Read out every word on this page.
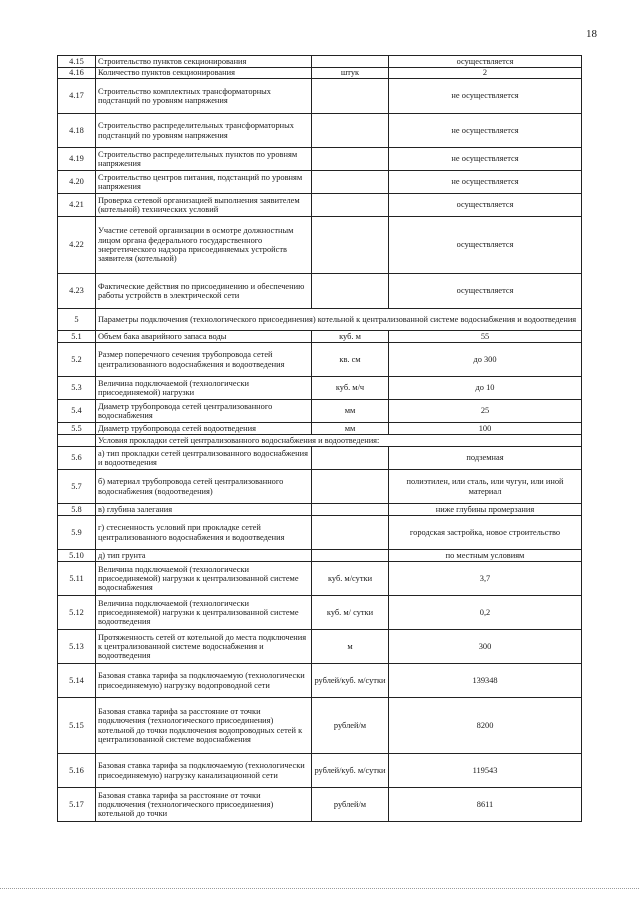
18
4.15	Строительство пунктов секционирования		осуществляется
4.16	Количество пунктов секционирования	штук	2
4.17	Строительство комплектных трансформаторных подстанций по уровням напряжения		не осуществляется
4.18	Строительство распределительных трансформаторных подстанций по уровням напряжения		не осуществляется
4.19	Строительство распределительных пунктов по уровням напряжения		не осуществляется
4.20	Строительство центров питания, подстанций по уровням напряжения		не осуществляется
4.21	Проверка сетевой организацией выполнения заявителем (котельной) технических условий		осуществляется
4.22	Участие сетевой организации в осмотре должностным лицом органа федерального государственного энергетического надзора присоединяемых устройств заявителя (котельной)		осуществляется
4.23	Фактические действия по присоединению и обеспечению работы устройств в электрической сети		осуществляется
5	Параметры подключения (технологического присоединения) котельной к централизованной системе водоснабжения и водоотведения		
5.1	Объем бака аварийного запаса воды	куб. м	55
5.2	Размер поперечного сечения трубопровода сетей централизованного водоснабжения и водоотведения	кв. см	до 300
5.3	Величина подключаемой (технологически присоединяемой) нагрузки	куб. м/ч	до 10
5.4	Диаметр трубопровода сетей централизованного водоснабжения	мм	25
5.5	Диаметр трубопровода сетей водоотведения	мм	100
	Условия прокладки сетей централизованного водоснабжения и водоотведения:		
5.6	а) тип прокладки сетей централизованного водоснабжения и водоотведения		подземная
5.7	б) материал трубопровода сетей централизованного водоснабжения (водоотведения)		полиэтилен, или сталь, или чугун, или иной материал
5.8	в) глубина залегания		ниже глубины промерзания
5.9	г) стесненность условий при прокладке сетей централизованного водоснабжения и водоотведения		городская застройка, новое строительство
5.10	д) тип грунта		по местным условиям
5.11	Величина подключаемой (технологически присоединяемой) нагрузки к централизованной системе водоснабжения	куб. м/сутки	3,7
5.12	Величина подключаемой (технологически присоединяемой) нагрузки к централизованной системе водоотведения	куб. м/ сутки	0,2
5.13	Протяженность сетей от котельной до места подключения к централизованной системе водоснабжения и водоотведения	м	300
5.14	Базовая ставка тарифа за подключаемую (технологически присоединяемую) нагрузку водопроводной сети	рублей/куб. м/сутки	139348
5.15	Базовая ставка тарифа за расстояние от точки подключения (технологического присоединения) котельной до точки подключения водопроводных сетей к централизованной системе водоснабжения	рублей/м	8200
5.16	Базовая ставка тарифа за подключаемую (технологически присоединяемую) нагрузку канализационной сети	рублей/куб. м/сутки	119543
5.17	Базовая ставка тарифа за расстояние от точки подключения (технологического присоединения) котельной до точки	рублей/м	8611
